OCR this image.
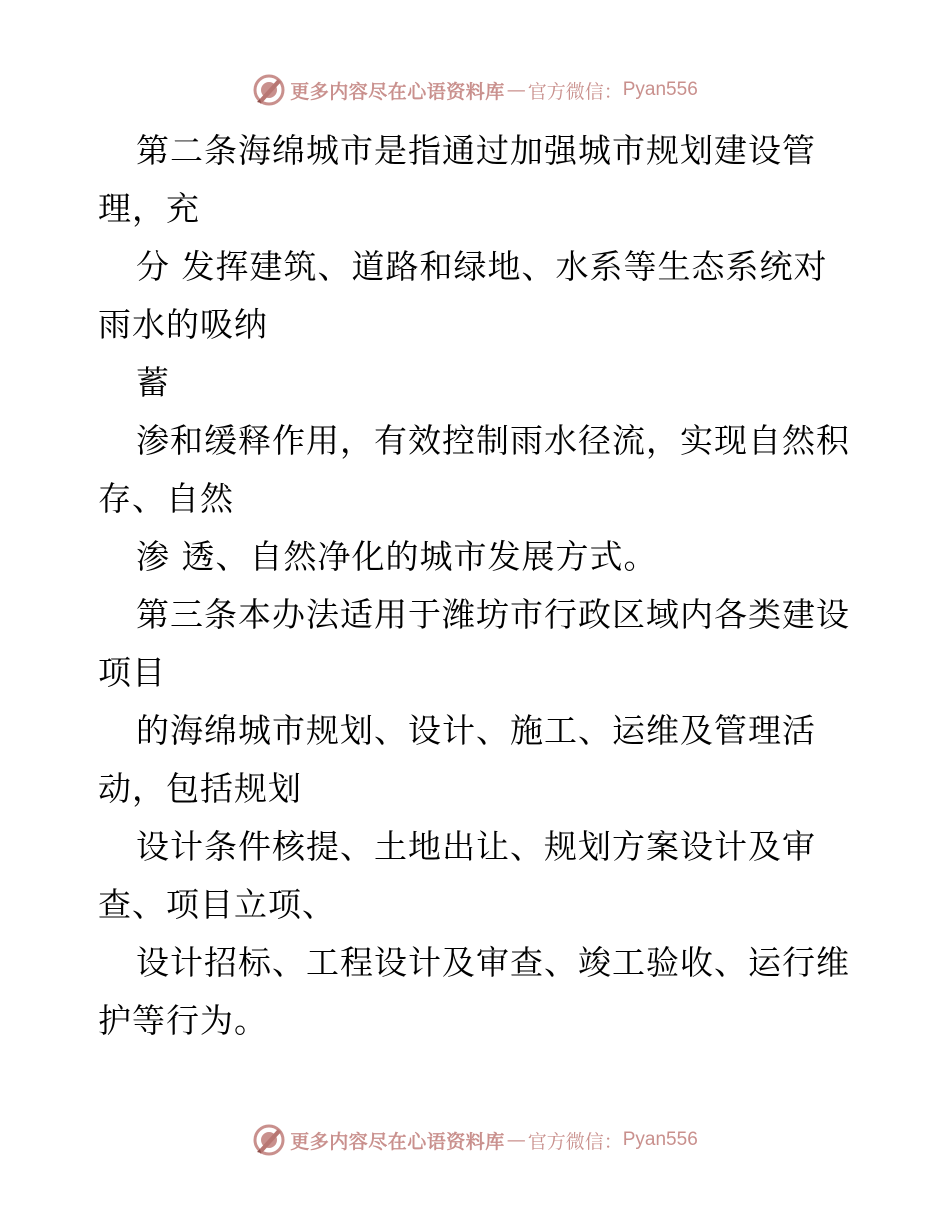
更多内容尽在心语资料库 — 官方微信： Pyan556
第二条海绵城市是指通过加强城市规划建设管
理，充
分 发挥建筑、道路和绿地、水系等生态系统对
雨水的吸纳
蓄
渗和缓释作用，有效控制雨水径流，实现自然积
存、自然
渗 透、自然净化的城市发展方式。
第三条本办法适用于潍坊市行政区域内各类建设
项目
的海绵城市规划、设计、施工、运维及管理活
动，包括规划
设计条件核提、土地出让、规划方案设计及审
查、项目立项、
设计招标、工程设计及审查、竣工验收、运行维
护等行为。
更多内容尽在心语资料库 — 官方微信： Pyan556
